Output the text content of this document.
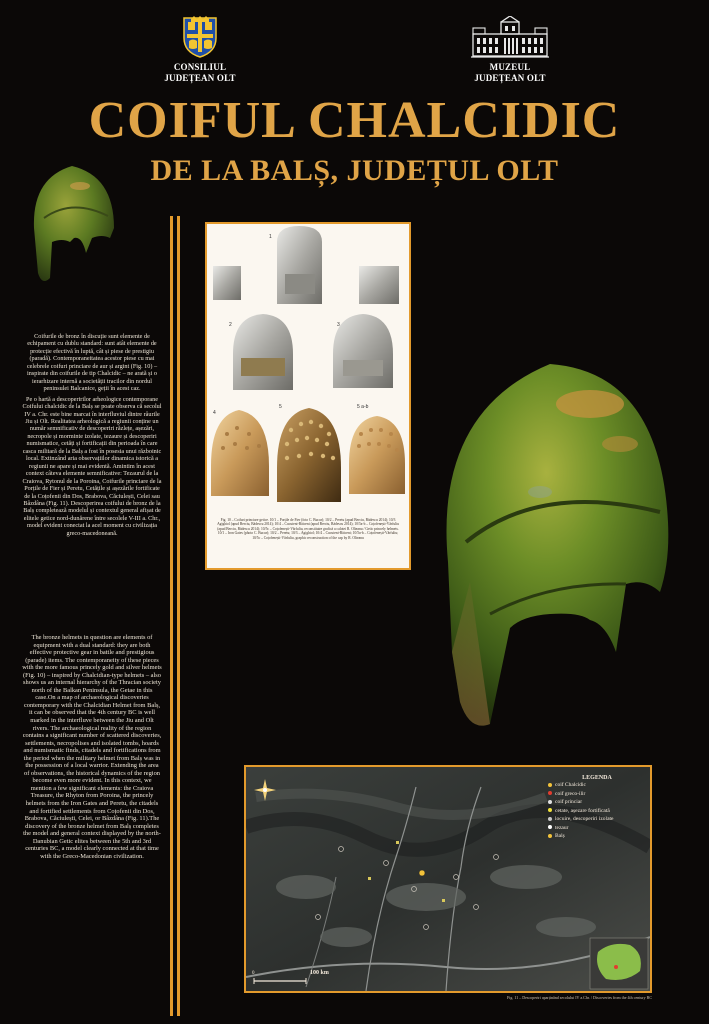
CONSILIUL
JUDEȚEAN OLT
MUZEUL
JUDEȚEAN OLT
COIFUL CHALCIDIC
DE LA BALȘ, JUDEȚUL OLT

Coifurile de bronz în discuție sunt elemente de echipament cu dublu standard: sunt atât elemente de protecție efectivă în luptă, cât și piese de prestigiu (paradă). Contemporaneitatea acestor piese cu mai celebrele coifuri princiare de aur și argint (Fig. 10) – inspirate din coifurile de tip Chalcidic – ne arată și o ierarhizare internă a societății tracilor din nordul peninsulei Balcanice, geții în acest caz.

Pe o hartă a descoperirilor arheologice contemporane Coifului chalcidic de la Balș se poate observa că secolul IV a. Chr. este bine marcat în interfluviul dintre râurile Jiu și Olt. Realitatea arheologică a regiunii conține un număr semnificativ de descoperiri răzlețe, așezări, necropole și morminte izolate, tezaure și descoperiri numismatice, cetăți și fortificații din perioada în care casca militară de la Balș a fost în posesia unui războinic local. Extinzând aria observațiilor dinamica istorică a regiunii ne apare și mai evidentă. Amintim în acest context câteva elemente semnificative: Tezaurul de la Craiova, Rytonul de la Poroina, Coifurile princiare de la Porțile de Fier și Peretu, Cetățile și așezările fortificate de la Coțofenii din Dos, Brabova, Căciulești, Celei sau Bâzdâna (Fig. 11). Descoperirea coifului de bronz de la Balș completează modelul și contextul general afișat de elitele getice nord-dunărene între secolele V-III a. Chr., model evident conectat la acel moment cu civilizația greco-macedoneană.

The bronze helmets in question are elements of equipment with a dual standard: they are both effective protective gear in battle and prestigious (parade) items. The contemporaneity of these pieces with the more famous princely gold and silver helmets (Fig. 10) – inspired by Chalcidian-type helmets – also shows us an internal hierarchy of the Thracian society north of the Balkan Peninsula, the Getae in this case.On a map of archaeological discoveries contemporary with the Chalcidian Helmet from Balș, it can be observed that the 4th century BC is well marked in the interfluve between the Jiu and Olt rivers. The archaeological reality of the region contains a significant number of scattered discoveries, settlements, necropolises and isolated tombs, hoards and numismatic finds, citadels and fortifications from the period when the military helmet from Balș was in the possession of a local warrior. Extending the area of observations, the historical dynamics of the region become even more evident. In this context, we mention a few significant elements: the Craiova Treasure, the Rhyton from Poroina, the princely helmets from the Iron Gates and Peretu, the citadels and fortified settlements from Coțofenii din Dos, Brabova, Căciulești, Celei, or Bâzdâna (Fig. 11).The discovery of the bronze helmet from Balș completes the model and general context displayed by the north-Danubian Getic elites between the 5th and 3rd centuries BC, a model clearly connected at that time with the Greco-Macedonian civilization.

1
2	3
4
5	5 a-b
Fig. 10 – Coifuri princiare getice. 10/1 – Porțile de Fier (foto C. Bucur); 10/2 – Peretu (apud Berciu, Bădescu 2014); 10/3 Agighiol (apud Berciu, Bădescu 2014); 10/4 – Cucuteni-Băiceni (apud Berciu, Bădescu 2014); 10/5a-b – Coțofenești-Vârfuliu (apud Berciu, Bădescu 2014); 10/5c – Coțofenești-Vârfuliu, reconstituire grafică a calotei R. Olteanu / Getic princely helmets. 10/1 – Iron Gates (photo C. Bucur); 10/2 – Peretu; 10/3 – Agighiol; 10/4 – Cucuteni-Băiceni; 10/5a-b – Coțofenești-Vârfuliu; 10/5c – Coțofenești-Vârfuliu, graphic reconstruction of the cap by R. Olteanu
LEGENDA
coif Chalcidic
coif greco-ilir
coif princiar
cetate, așezare fortificată
locuire, descoperiri izolate
tezaur
Balș
0	100 km
Fig. 11 – Descoperiri aparținând secolului IV a.Chr. / Discoveries from the 4th century BC
